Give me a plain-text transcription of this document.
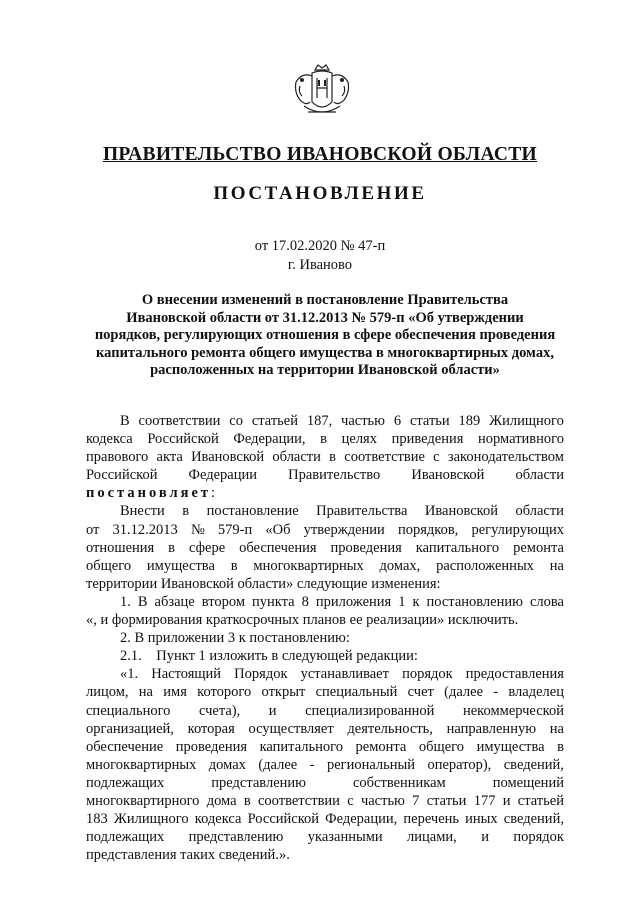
ПРАВИТЕЛЬСТВО ИВАНОВСКОЙ ОБЛАСТИ
ПОСТАНОВЛЕНИЕ
от 17.02.2020 № 47-п
г. Иваново
О внесении изменений в постановление Правительства
Ивановской области от 31.12.2013 № 579-п «Об утверждении
порядков, регулирующих отношения в сфере обеспечения проведения
капитального ремонта общего имущества в многоквартирных домах,
расположенных на территории Ивановской области»
В соответствии со статьей 187, частью 6 статьи 189 Жилищного
кодекса Российской Федерации, в целях приведения нормативного
правового акта Ивановской области в соответствие с законодательством
Российской Федерации Правительство Ивановской области
постановляет:
Внести в постановление Правительства Ивановской области
от 31.12.2013 № 579-п «Об утверждении порядков, регулирующих
отношения в сфере обеспечения проведения капитального ремонта
общего имущества в многоквартирных домах, расположенных на
территории Ивановской области» следующие изменения:
1. В абзаце втором пункта 8 приложения 1 к постановлению слова
«, и формирования краткосрочных планов ее реализации» исключить.
2. В приложении 3 к постановлению:
2.1.    Пункт 1 изложить в следующей редакции:
«1. Настоящий Порядок устанавливает порядок предоставления
лицом, на имя которого открыт специальный счет (далее - владелец
специального счета), и специализированной некоммерческой
организацией, которая осуществляет деятельность, направленную на
обеспечение проведения капитального ремонта общего имущества в
многоквартирных домах (далее - региональный оператор), сведений,
подлежащих	представлению	собственникам	помещений
многоквартирного дома в соответствии с частью 7 статьи 177 и статьей
183 Жилищного кодекса Российской Федерации, перечень иных сведений,
подлежащих представлению указанными лицами, и порядок
представления таких сведений.».
